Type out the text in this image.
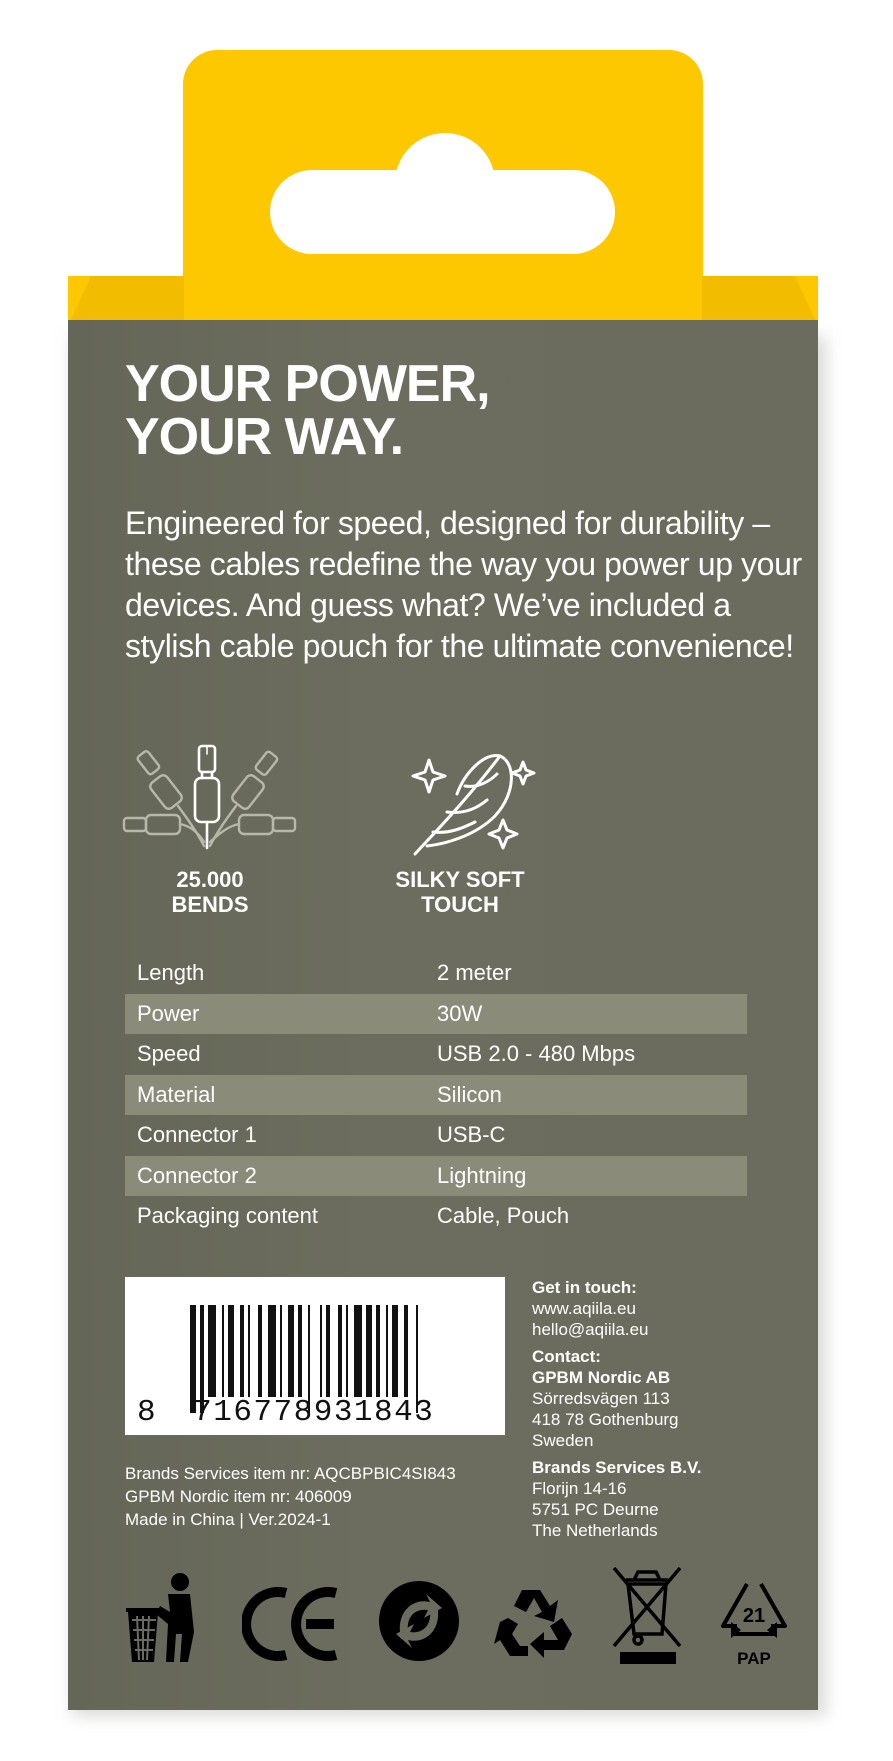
YOUR POWER,
YOUR WAY.

Engineered for speed, designed for durability – these cables redefine the way you power up your devices. And guess what? We’ve included a stylish cable pouch for the ultimate convenience!

25.000
BENDS
SILKY SOFT
TOUCH
Length	2 meter
Power	30W
Speed	USB 2.0 - 480 Mbps
Material	Silicon
Connector 1	USB-C
Connector 2	Lightning
Packaging content	Cable, Pouch
8 716778931843
Brands Services item nr: AQCBPBIC4SI843
GPBM Nordic item nr: 406009
Made in China | Ver.2024-1
Get in touch:
www.aqiila.eu
hello@aqiila.eu
Contact:
GPBM Nordic AB
Sörredsvägen 113
418 78 Gothenburg
Sweden
Brands Services B.V.
Florijn 14-16
5751 PC Deurne
The Netherlands
21
PAP
